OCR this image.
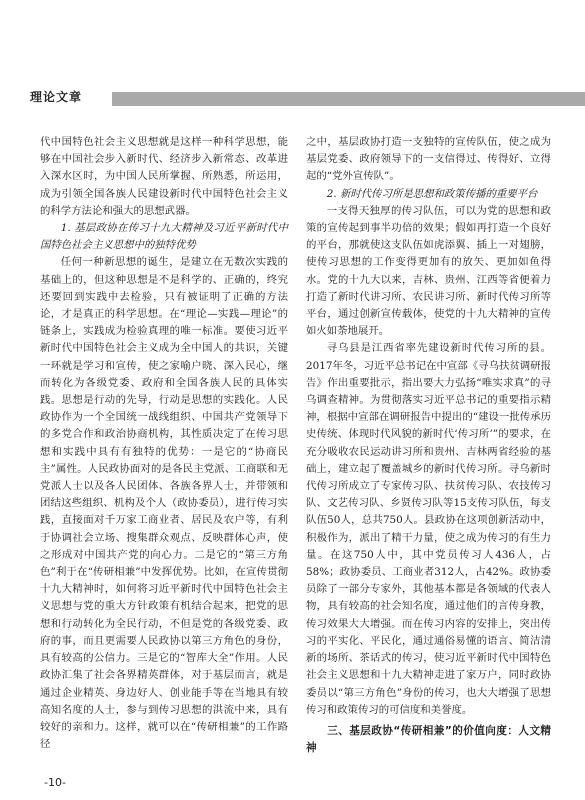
理论文章

代中国特色社会主义思想就是这样一种科学思想，能够在中国社会步入新时代、经济步入新常态、改革进入深水区时，为中国人民所掌握、所熟悉，所运用，成为引领全国各族人民建设新时代中国特色社会主义的科学方法论和强大的思想武器。

1. 基层政协在传习十九大精神及习近平新时代中国特色社会主义思想中的独特优势

任何一种新思想的诞生，是建立在无数次实践的基础上的，但这种思想是不是科学的、正确的，终究还要回到实践中去检验，只有被证明了正确的方法论，才是真正的科学思想。在“理论—实践—理论”的链条上，实践成为检验真理的唯一标准。要使习近平新时代中国特色社会主义成为全中国人的共识，关键一环就是学习和宣传，使之家喻户晓、深入民心，继而转化为各级党委、政府和全国各族人民的具体实践。思想是行动的先导，行动是思想的实践化。人民政协作为一个全国统一战线组织、中国共产党领导下的多党合作和政治协商机构，其性质决定了在传习思想和实践中具有有独特的优势：一是它的“协商民主”属性。人民政协面对的是各民主党派、工商联和无党派人士以及各人民团体、各族各界人士，并带领和团结这些组织、机构及个人（政协委员），进行传习实践，直接面对千万家工商业者、居民及农户等，有利于协调社会立场、搜集群众观点、反映群体心声，使之形成对中国共产党的向心力。二是它的“第三方角色”利于在“传研相兼”中发挥优势。比如，在宣传贯彻十九大精神时，如何将习近平新时代中国特色社会主义思想与党的重大方针政策有机结合起来，把党的思想和行动转化为全民行动，不但是党的各级党委、政府的事，而且更需要人民政协以第三方角色的身份，具有较高的公信力。三是它的“智库大全”作用。人民政协汇集了社会各界精英群体，对于基层而言，就是通过企业精英、身边好人、创业能手等在当地具有较高知名度的人士，参与到传习思想的洪流中来，具有较好的亲和力。这样，就可以在“传研相兼”的工作路径

之中，基层政协打造一支独特的宣传队伍，使之成为基层党委、政府领导下的一支信得过、传得好、立得起的“党外宣传队”。

2. 新时代传习所是思想和政策传播的重要平台

一支得天独厚的传习队伍，可以为党的思想和政策的宣传起到事半功倍的效果；假如再打造一个良好的平台，那就使这支队伍如虎添翼、插上一对翅膀，使传习思想的工作变得更加有的放矢、更加如鱼得水。党的十九大以来，吉林、贵州、江西等省便着力打造了新时代讲习所、农民讲习所、新时代传习所等平台，通过创新宣传载体，使党的十九大精神的宣传如火如荼地展开。

寻乌县是江西省率先建设新时代传习所的县。2017年冬，习近平总书记在中宣部《寻乌扶贫调研报告》作出重要批示，指出要大力弘扬“唯实求真”的寻乌调查精神。为贯彻落实习近平总书记的重要指示精神，根据中宣部在调研报告中提出的“建设一批传承历史传统、体现时代风貌的新时代‘传习所’”的要求，在充分吸收农民运动讲习所和贵州、吉林两省经验的基础上，建立起了覆盖城乡的新时代传习所。寻乌新时代传习所成立了专家传习队、扶贫传习队、农技传习队、文艺传习队、乡贤传习队等15支传习队伍，每支队伍50人，总共750人。县政协在这项创新活动中，积极作为，派出了精干力量，使之成为传习的有生力量。在这750人中，其中党员传习人436人，占58%；政协委员、工商业者312人，占42%。政协委员除了一部分专家外，其他基本都是各领域的代表人物，具有较高的社会知名度，通过他们的言传身教，传习效果大大增强。而在传习内容的安排上，突出传习的平实化、平民化，通过通俗易懂的语言、简洁清新的场所、茶话式的传习，使习近平新时代中国特色社会主义思想和十九大精神走进了家万户，同时政协委员以“第三方角色”身份的传习，也大大增强了思想传习和政策传习的可信度和美誉度。

三、基层政协“传研相兼”的价值向度：人文精神

-10-
